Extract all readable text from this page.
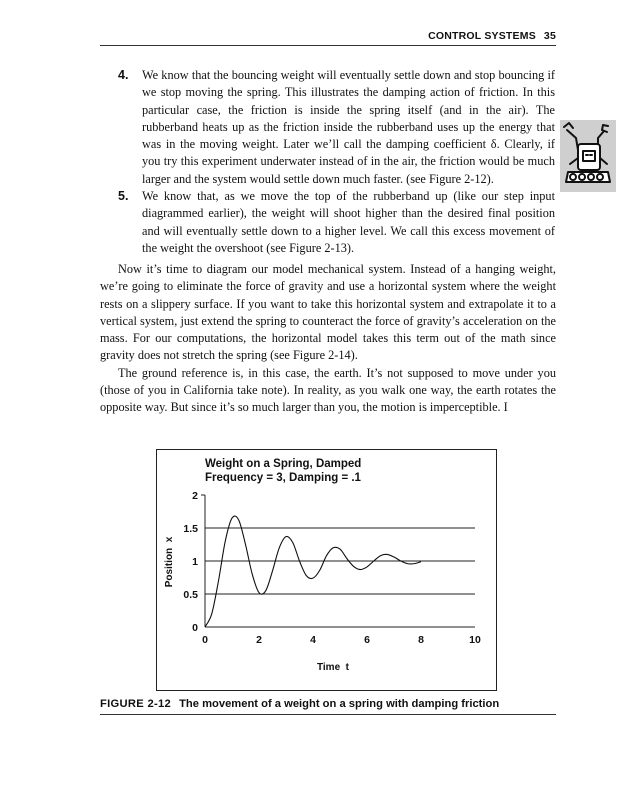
CONTROL SYSTEMS 35
4. We know that the bouncing weight will eventually settle down and stop bouncing if we stop moving the spring. This illustrates the damping action of friction. In this particular case, the friction is inside the spring itself (and in the air). The rubberband heats up as the friction inside the rubberband uses up the energy that was in the moving weight. Later we’ll call the damping coefficient δ. Clearly, if you try this experiment underwater instead of in the air, the friction would be much larger and the system would settle down much faster. (see Figure 2-12).
5. We know that, as we move the top of the rubberband up (like our step input diagrammed earlier), the weight will shoot higher than the desired final position and will eventually settle down to a higher level. We call this excess movement of the weight the overshoot (see Figure 2-13).

Now it’s time to diagram our model mechanical system. Instead of a hanging weight, we’re going to eliminate the force of gravity and use a horizontal system where the weight rests on a slippery surface. If you want to take this horizontal system and extrapolate it to a vertical system, just extend the spring to counteract the force of gravity’s acceleration on the mass. For our computations, the horizontal model takes this term out of the math since gravity does not stretch the spring (see Figure 2-14).

The ground reference is, in this case, the earth. It’s not supposed to move under you (those of you in California take note). In reality, as you walk one way, the earth rotates the opposite way. But since it’s so much larger than you, the motion is imperceptible. I

Weight on a Spring, Damped
Frequency = 3, Damping = .1
Time  t
Position  x
0
0.5
1
1.5
2
0	2	4	6	8	10
FIGURE 2-12 The movement of a weight on a spring with damping friction
